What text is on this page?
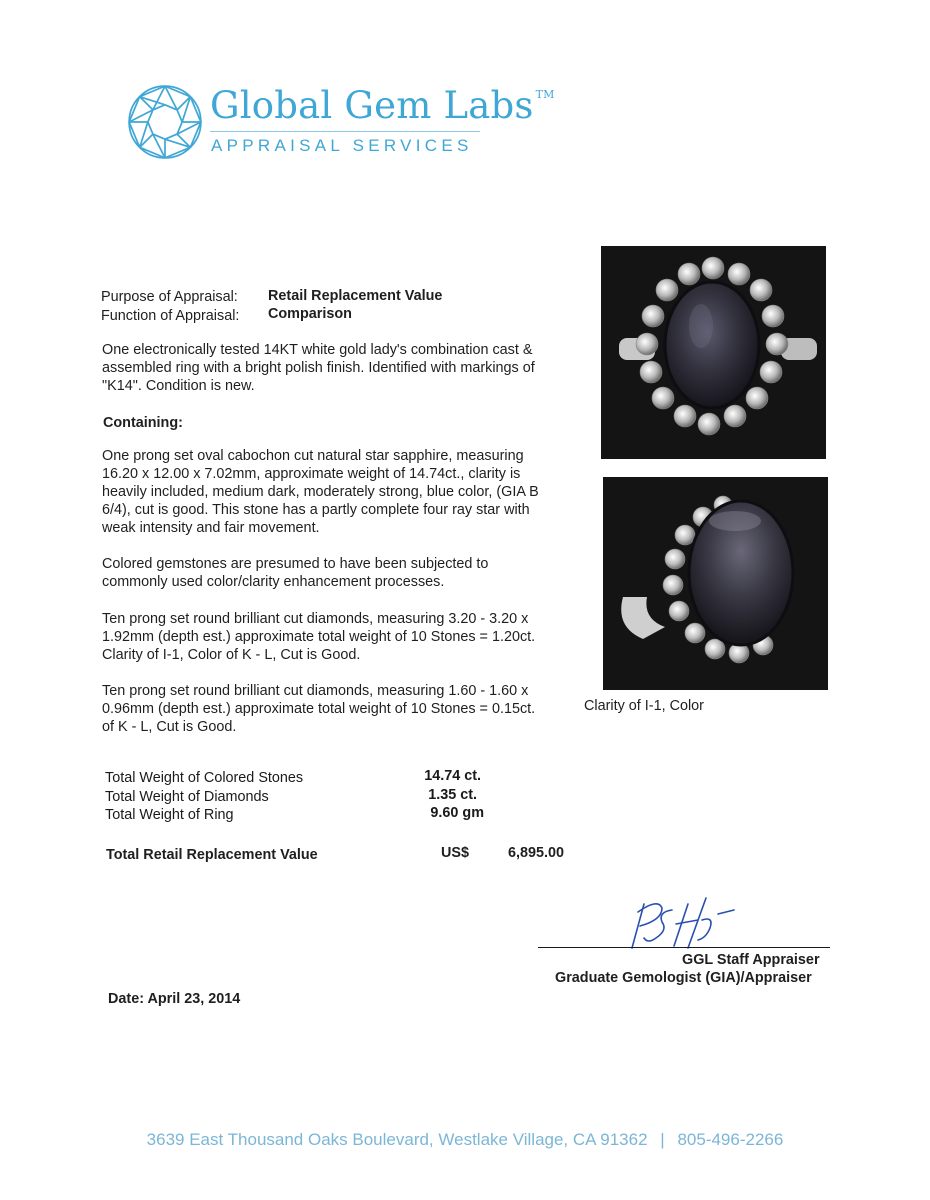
Global Gem Labs ™
APPRAISAL SERVICES
Purpose of Appraisal: Retail Replacement Value
Function of Appraisal: Comparison
One electronically tested 14KT white gold lady's combination cast &
assembled ring with a bright polish finish. Identified with markings of
"K14". Condition is new.
Containing:
One prong set oval cabochon cut natural star sapphire, measuring
16.20 x 12.00 x 7.02mm, approximate weight of 14.74ct., clarity is
heavily included, medium dark, moderately strong, blue color, (GIA B
6/4), cut is good. This stone has a partly complete four ray star with
weak intensity and fair movement.
Colored gemstones are presumed to have been subjected to
commonly used color/clarity enhancement processes.
Ten prong set round brilliant cut diamonds, measuring 3.20 - 3.20 x
1.92mm (depth est.) approximate total weight of 10 Stones = 1.20ct.
Clarity of I-1, Color of K - L, Cut is Good.
Ten prong set round brilliant cut diamonds, measuring 1.60 - 1.60 x
0.96mm (depth est.) approximate total weight of 10 Stones = 0.15ct.
of K - L, Cut is Good.
Clarity of I-1, Color
Total Weight of Colored Stones	14.74 ct.
Total Weight of Diamonds	1.35 ct.
Total Weight of Ring	9.60 gm
Total Retail Replacement Value	US$	6,895.00
GGL Staff Appraiser
Graduate Gemologist (GIA)/Appraiser
Date: April 23, 2014
3639 East Thousand Oaks Boulevard, Westlake Village, CA 91362 | 805-496-2266
